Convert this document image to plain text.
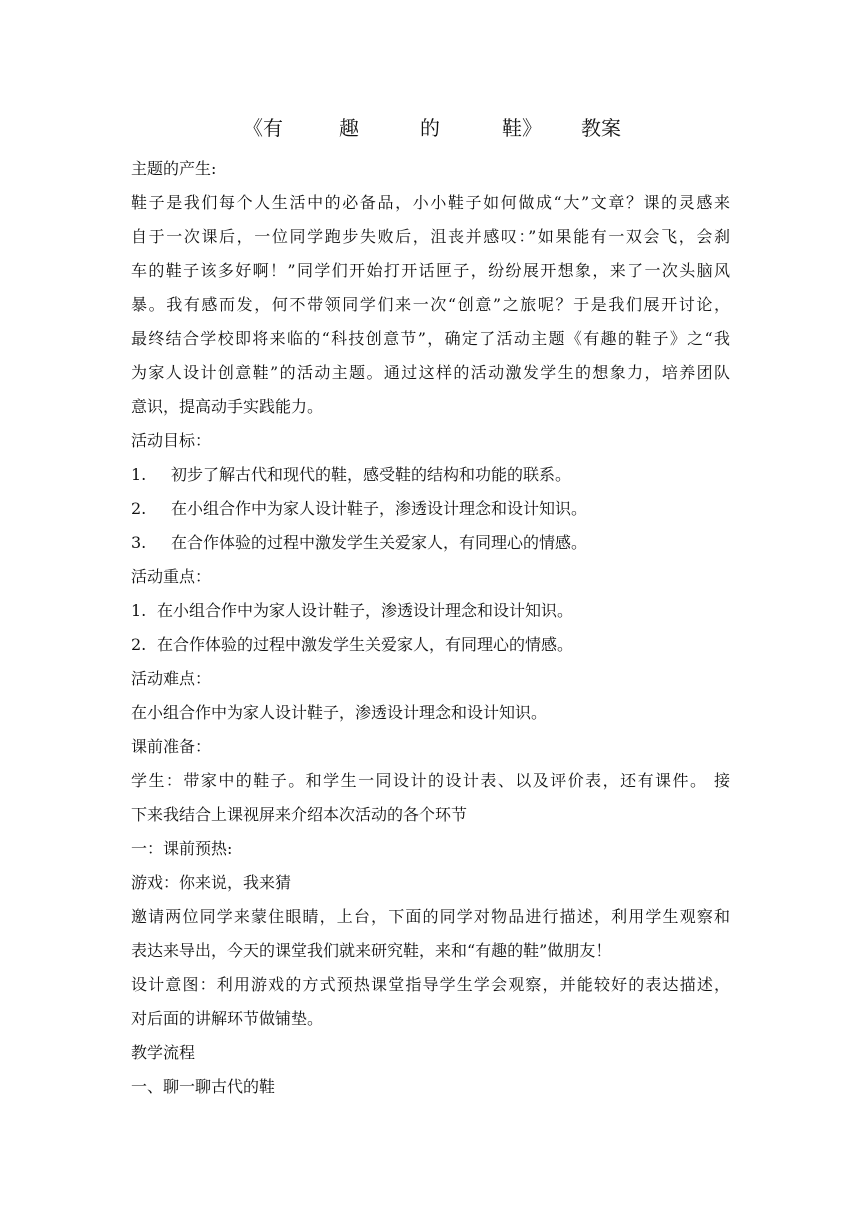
《有	趣	的	鞋》 教案
主题的产生:
鞋子是我们每个人生活中的必备品，小小鞋子如何做成“大”文章？课的灵感来
自于一次课后，一位同学跑步失败后，沮丧并感叹：”如果能有一双会飞，会刹
车的鞋子该多好啊！”同学们开始打开话匣子，纷纷展开想象，来了一次头脑风
暴。我有感而发，何不带领同学们来一次“创意”之旅呢？于是我们展开讨论，
最终结合学校即将来临的“科技创意节”，确定了活动主题《有趣的鞋子》之“我
为家人设计创意鞋”的活动主题。通过这样的活动激发学生的想象力，培养团队
意识，提高动手实践能力。
活动目标：
1.	初步了解古代和现代的鞋，感受鞋的结构和功能的联系。
2.	在小组合作中为家人设计鞋子，渗透设计理念和设计知识。
3.	在合作体验的过程中激发学生关爱家人，有同理心的情感。
活动重点：
1. 在小组合作中为家人设计鞋子，渗透设计理念和设计知识。
2. 在合作体验的过程中激发学生关爱家人，有同理心的情感。
活动难点：
在小组合作中为家人设计鞋子，渗透设计理念和设计知识。
课前准备：
学生：带家中的鞋子。和学生一同设计的设计表、以及评价表，还有课件。 接
下来我结合上课视屏来介绍本次活动的各个环节
一：课前预热:
游戏：你来说，我来猜
邀请两位同学来蒙住眼睛，上台，下面的同学对物品进行描述，利用学生观察和
表达来导出，今天的课堂我们就来研究鞋，来和“有趣的鞋”做朋友！
设计意图：利用游戏的方式预热课堂指导学生学会观察，并能较好的表达描述，
对后面的讲解环节做铺垫。
教学流程
一、聊一聊古代的鞋
